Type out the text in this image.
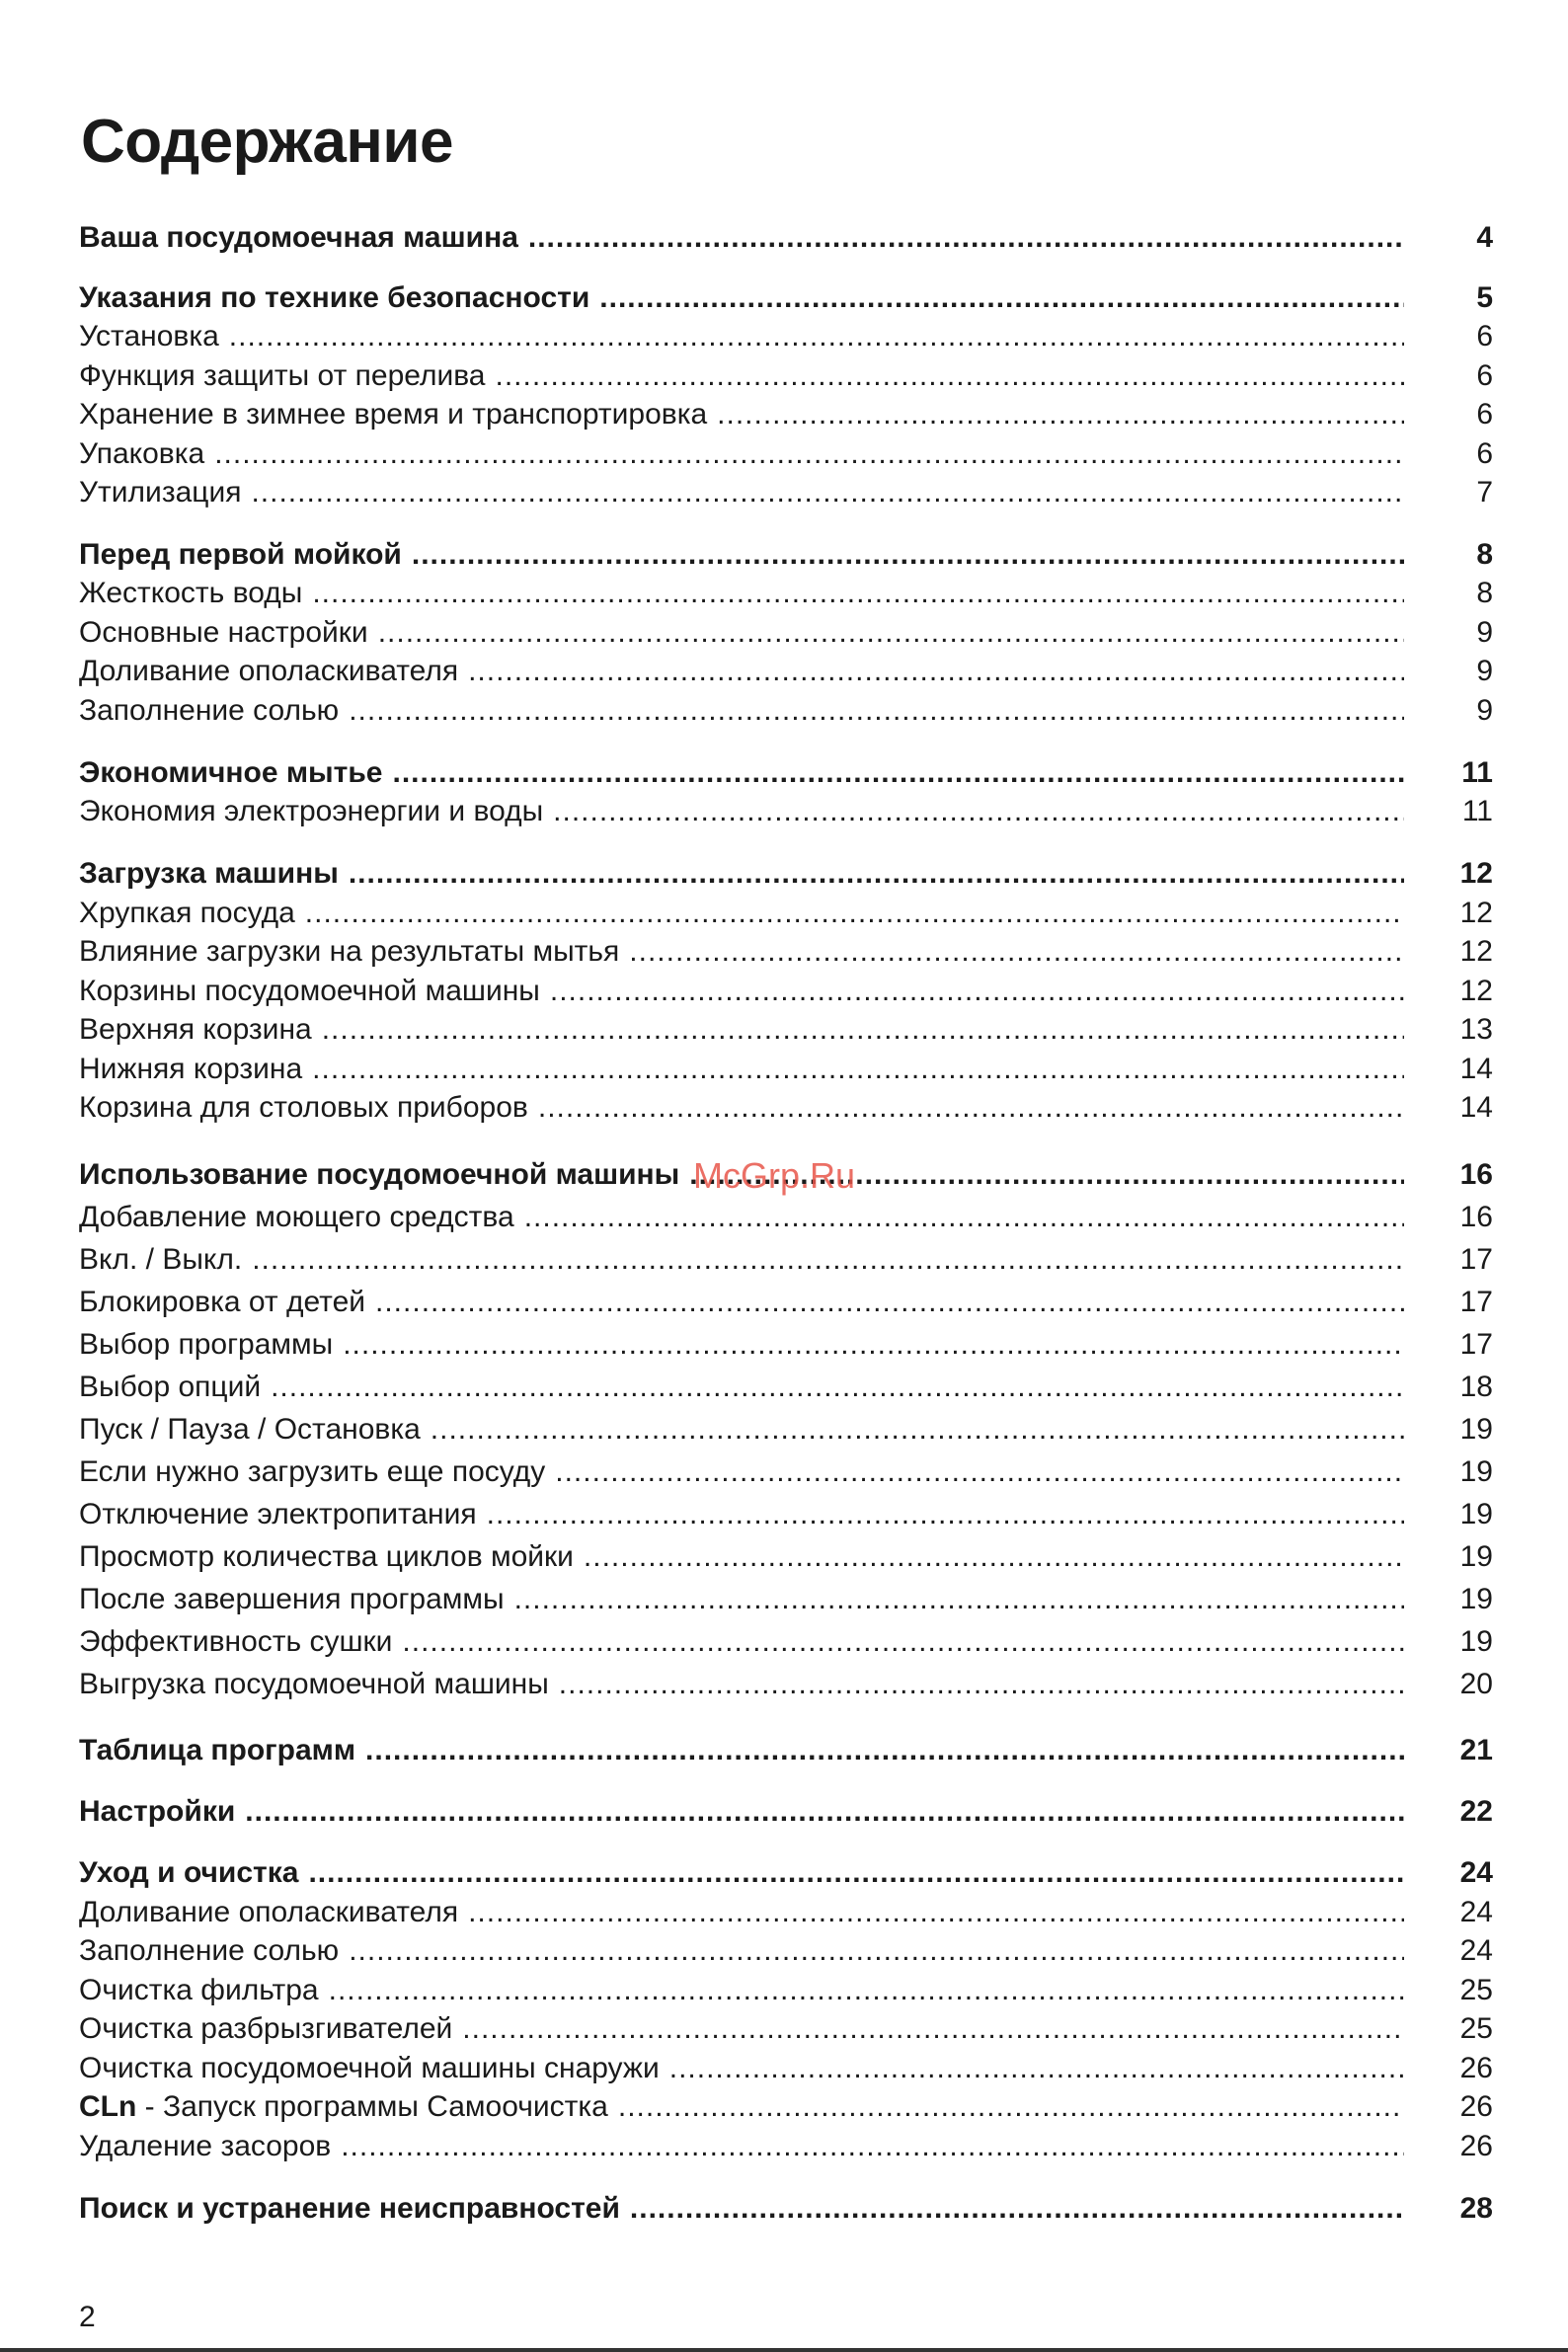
Содержание
Ваша посудомоечная машина .....	4
Указания по технике безопасности .....	5
Установка .....	6
Функция защиты от перелива .....	6
Хранение в зимнее время и транспортировка .....	6
Упаковка .....	6
Утилизация .....	7
Перед первой мойкой .....	8
Жесткость воды .....	8
Основные настройки .....	9
Доливание ополаскивателя .....	9
Заполнение солью .....	9
Экономичное мытье .....	11
Экономия электроэнергии и воды .....	11
Загрузка машины .....	12
Хрупкая посуда .....	12
Влияние загрузки на результаты мытья .....	12
Корзины посудомоечной машины .....	12
Верхняя корзина .....	13
Нижняя корзина .....	14
Корзина для столовых приборов .....	14
Использование посудомоечной машины .....	16
Добавление моющего средства .....	16
Вкл. / Выкл. .....	17
Блокировка от детей .....	17
Выбор программы .....	17
Выбор опций .....	18
Пуск / Пауза / Остановка .....	19
Если нужно загрузить еще посуду .....	19
Отключение электропитания .....	19
Просмотр количества циклов мойки .....	19
После завершения программы .....	19
Эффективность сушки .....	19
Выгрузка посудомоечной машины .....	20
Таблица программ .....	21
Настройки .....	22
Уход и очистка .....	24
Доливание ополаскивателя .....	24
Заполнение солью .....	24
Очистка фильтра .....	25
Очистка разбрызгивателей .....	25
Очистка посудомоечной машины снаружи .....	26
CLn - Запуск программы Самоочистка .....	26
Удаление засоров .....	26
Поиск и устранение неисправностей .....	28
McGrp.Ru
2
